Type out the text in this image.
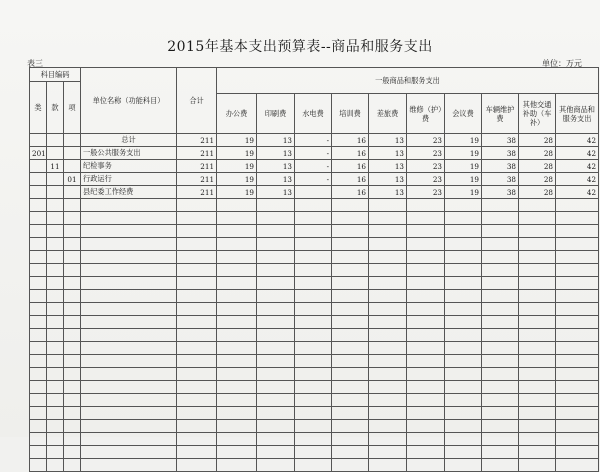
2015年基本支出预算表--商品和服务支出
表三	单位：万元
科目编码			单位名称（功能科目）	合计	一般商品和服务支出									
类	款	项												
					办公费	印刷费	水电费	培训费	差旅费	维修（护）费	会议费	车辆维护费	其他交通补助（车补）	其他商品和服务支出
			总计	211	19	13	-	16	13	23	19	38	28	42
201			一般公共服务支出	211	19	13	-	16	13	23	19	38	28	42
	11		纪检事务	211	19	13	-	16	13	23	19	38	28	42
		01	行政运行	211	19	13	-	16	13	23	19	38	28	42
			县纪委工作经费	211	19	13		16	13	23	19	38	28	42
